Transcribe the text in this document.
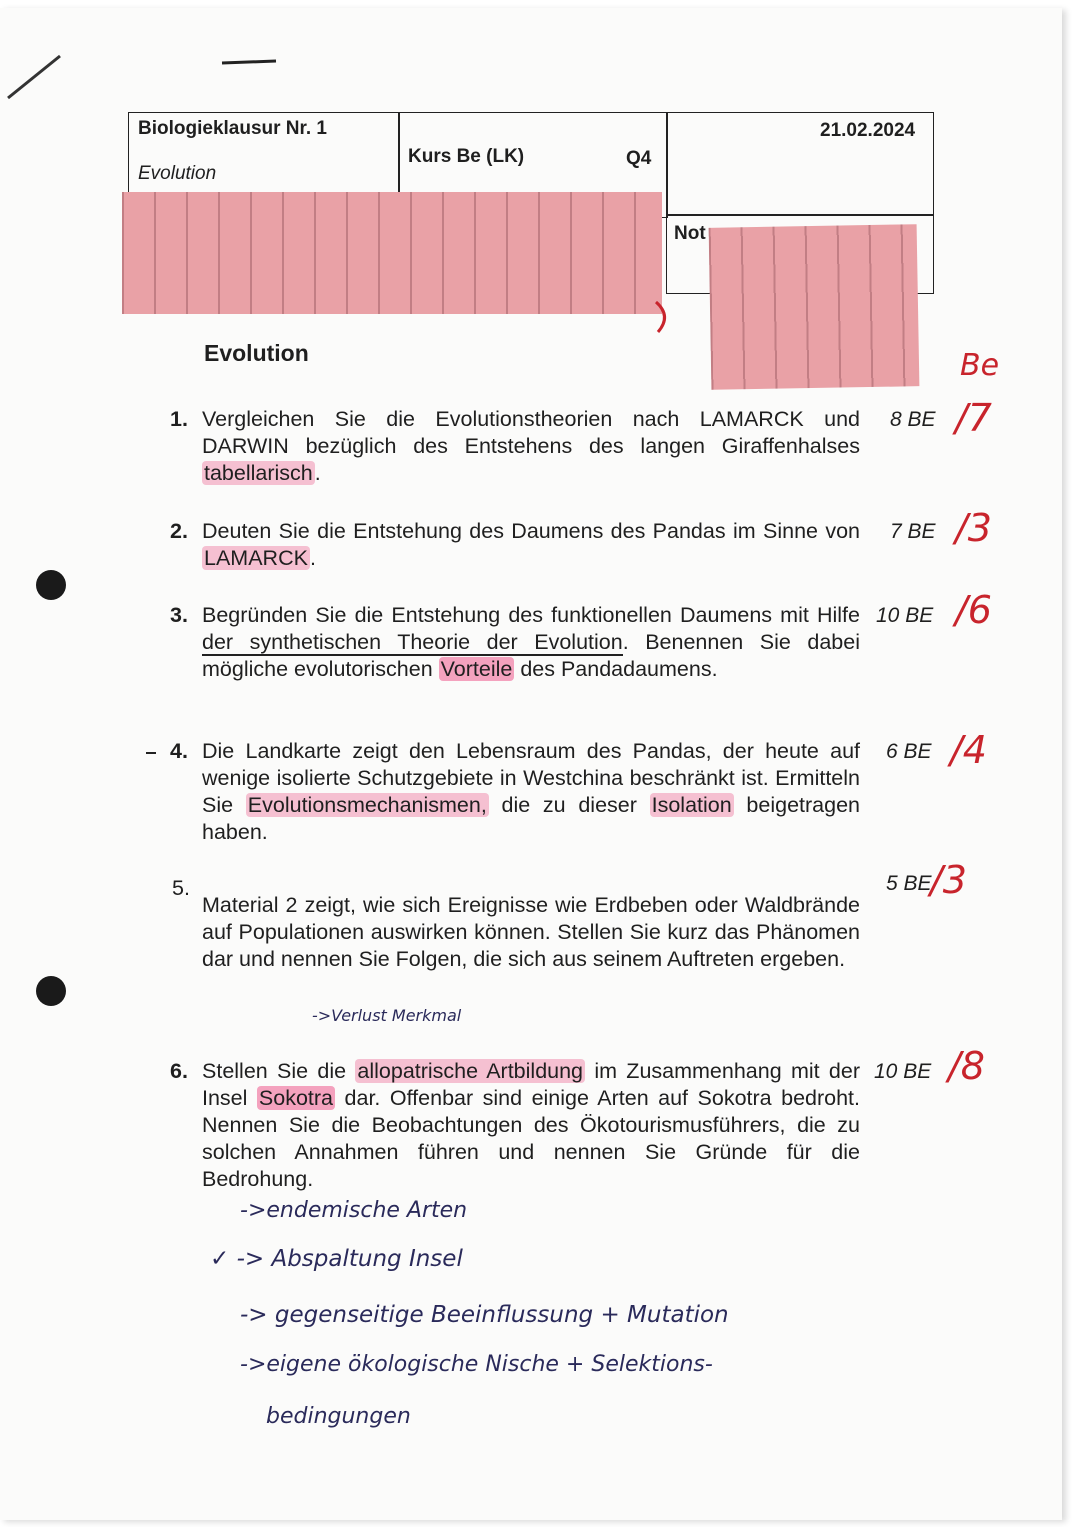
Biologieklausur Nr. 1
Evolution
Kurs Be (LK)	Q4
21.02.2024
Not
Evolution	Be
1. Vergleichen Sie die Evolutionstheorien nach LAMARCK und DARWIN bezüglich des Entstehens des langen Giraffenhalses tabellarisch.
8 BE /7
2. Deuten Sie die Entstehung des Daumens des Pandas im Sinne von LAMARCK.
7 BE /3
3. Begründen Sie die Entstehung des funktionellen Daumens mit Hilfe der synthetischen Theorie der Evolution. Benennen Sie dabei mögliche evolutorischen Vorteile des Pandadaumens.
10 BE /6
4. Die Landkarte zeigt den Lebensraum des Pandas, der heute auf wenige isolierte Schutzgebiete in Westchina beschränkt ist. Ermitteln Sie Evolutionsmechanismen, die zu dieser Isolation beigetragen haben.
6 BE /4
5.
Material 2 zeigt, wie sich Ereignisse wie Erdbeben oder Waldbrände auf Populationen auswirken können. Stellen Sie kurz das Phänomen dar und nennen Sie Folgen, die sich aus seinem Auftreten ergeben.
5 BE
/3
->Verlust Merkmal
6. Stellen Sie die allopatrische Artbildung im Zusammenhang mit der Insel Sokotra dar. Offenbar sind einige Arten auf Sokotra bedroht. Nennen Sie die Beobachtungen des Ökotourismusführers, die zu solchen Annahmen führen und nennen Sie Gründe für die Bedrohung.
10 BE /8
->endemische Arten
✓ -> Abspaltung Insel
-> gegenseitige Beeinflussung + Mutation
->eigene ökologische Nische + Selektions-
bedingungen
